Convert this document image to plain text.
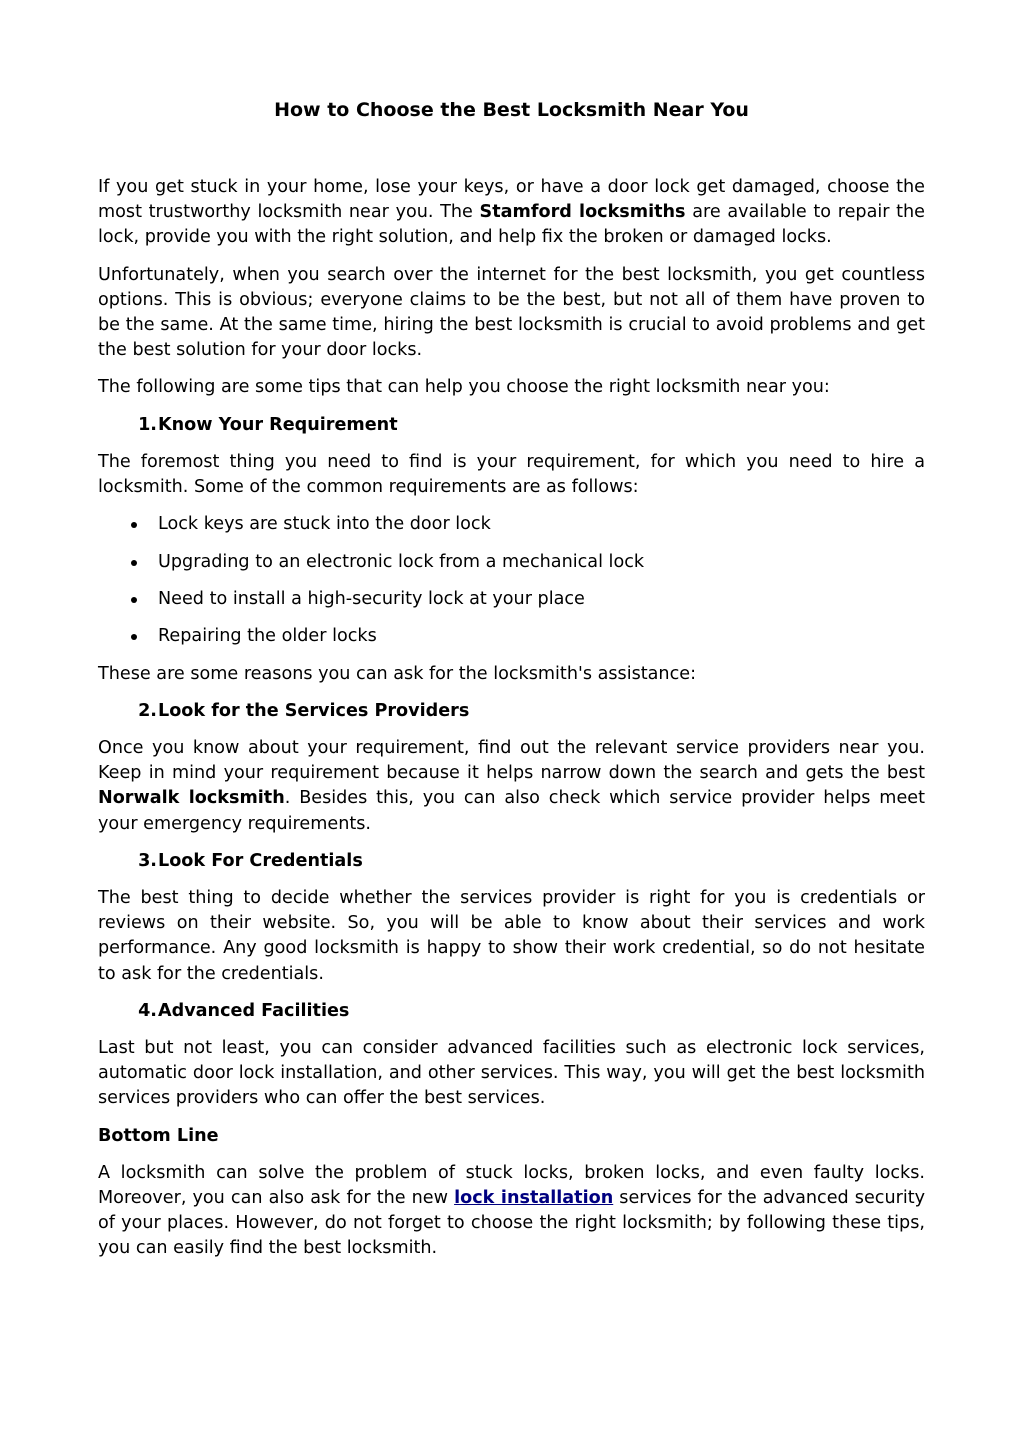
How to Choose the Best Locksmith Near You

If you get stuck in your home, lose your keys, or have a door lock get damaged, choose the most trustworthy locksmith near you. The Stamford locksmiths are available to repair the lock, provide you with the right solution, and help fix the broken or damaged locks.

Unfortunately, when you search over the internet for the best locksmith, you get countless options. This is obvious; everyone claims to be the best, but not all of them have proven to be the same. At the same time, hiring the best locksmith is crucial to avoid problems and get the best solution for your door locks.

The following are some tips that can help you choose the right locksmith near you:

1. Know Your Requirement

The foremost thing you need to find is your requirement, for which you need to hire a locksmith. Some of the common requirements are as follows:

Lock keys are stuck into the door lock
Upgrading to an electronic lock from a mechanical lock
Need to install a high-security lock at your place
Repairing the older locks

These are some reasons you can ask for the locksmith's assistance:

2. Look for the Services Providers

Once you know about your requirement, find out the relevant service providers near you. Keep in mind your requirement because it helps narrow down the search and gets the best Norwalk locksmith. Besides this, you can also check which service provider helps meet your emergency requirements.

3. Look For Credentials

The best thing to decide whether the services provider is right for you is credentials or reviews on their website. So, you will be able to know about their services and work performance. Any good locksmith is happy to show their work credential, so do not hesitate to ask for the credentials.

4. Advanced Facilities

Last but not least, you can consider advanced facilities such as electronic lock services, automatic door lock installation, and other services. This way, you will get the best locksmith services providers who can offer the best services.

Bottom Line

A locksmith can solve the problem of stuck locks, broken locks, and even faulty locks. Moreover, you can also ask for the new lock installation services for the advanced security of your places. However, do not forget to choose the right locksmith; by following these tips, you can easily find the best locksmith.
